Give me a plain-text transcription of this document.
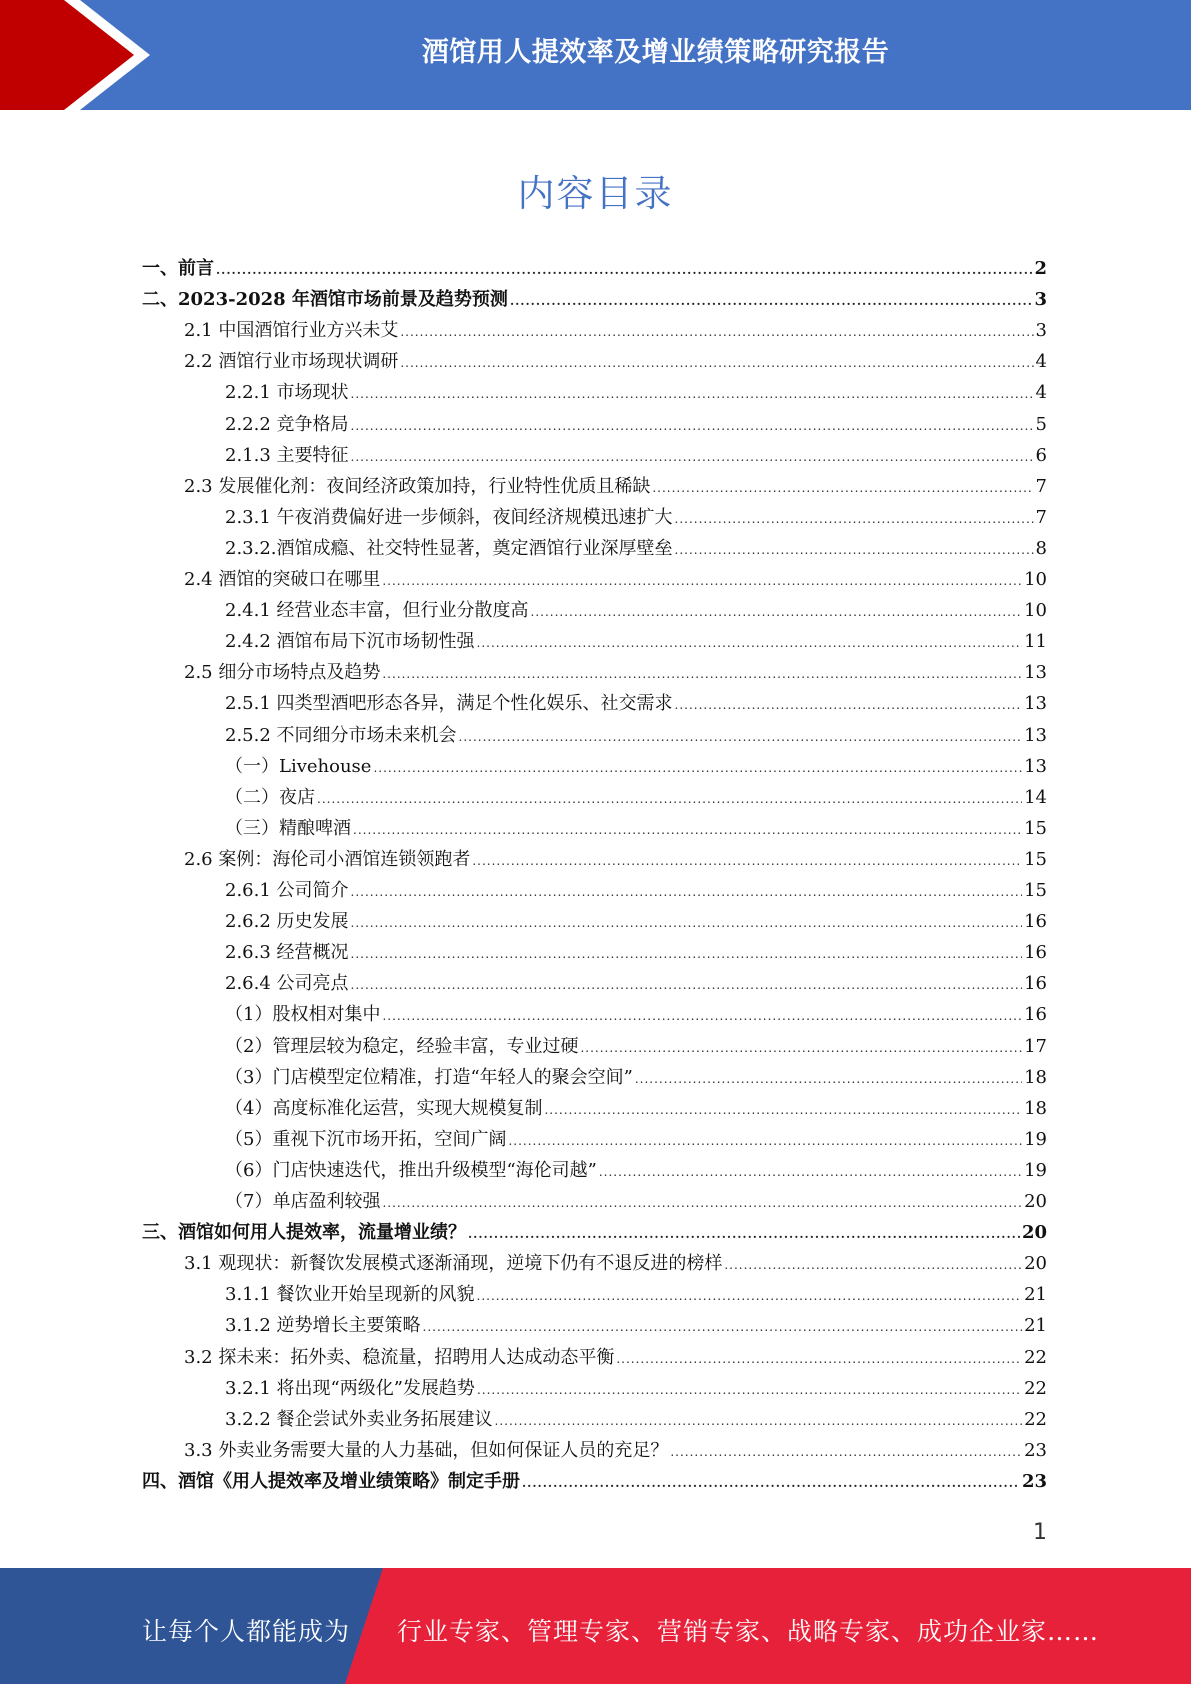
酒馆用人提效率及增业绩策略研究报告
内容目录
一、前言 .....	2
二、2023-2028 年酒馆市场前景及趋势预测 .....	3
2.1 中国酒馆行业方兴未艾 .....	3
2.2 酒馆行业市场现状调研 .....	4
2.2.1 市场现状 .....	4
2.2.2 竞争格局 .....	5
2.1.3 主要特征 .....	6
2.3 发展催化剂：夜间经济政策加持，行业特性优质且稀缺 .....	7
2.3.1 午夜消费偏好进一步倾斜，夜间经济规模迅速扩大 .....	7
2.3.2.酒馆成瘾、社交特性显著，奠定酒馆行业深厚壁垒 .....	8
2.4 酒馆的突破口在哪里 .....	10
2.4.1 经营业态丰富，但行业分散度高 .....	10
2.4.2 酒馆布局下沉市场韧性强 .....	11
2.5 细分市场特点及趋势 .....	13
2.5.1 四类型酒吧形态各异，满足个性化娱乐、社交需求 .....	13
2.5.2 不同细分市场未来机会 .....	13
（一）Livehouse .....	13
（二）夜店 .....	14
（三）精酿啤酒 .....	15
2.6 案例：海伦司小酒馆连锁领跑者 .....	15
2.6.1 公司简介 .....	15
2.6.2 历史发展 .....	16
2.6.3 经营概况 .....	16
2.6.4 公司亮点 .....	16
（1）股权相对集中 .....	16
（2）管理层较为稳定，经验丰富，专业过硬 .....	17
（3）门店模型定位精准，打造“年轻人的聚会空间” .....	18
（4）高度标准化运营，实现大规模复制 .....	18
（5）重视下沉市场开拓，空间广阔 .....	19
（6）门店快速迭代，推出升级模型“海伦司越” .....	19
（7）单店盈利较强 .....	20
三、酒馆如何用人提效率，流量增业绩？ .....	20
3.1 观现状：新餐饮发展模式逐渐涌现，逆境下仍有不退反进的榜样 .....	20
3.1.1 餐饮业开始呈现新的风貌 .....	21
3.1.2 逆势增长主要策略 .....	21
3.2 探未来：拓外卖、稳流量，招聘用人达成动态平衡 .....	22
3.2.1 将出现“两级化”发展趋势 .....	22
3.2.2 餐企尝试外卖业务拓展建议 .....	22
3.3 外卖业务需要大量的人力基础，但如何保证人员的充足？ .....	23
四、酒馆《用人提效率及增业绩策略》制定手册 .....	23
1
让每个人都能成为 行业专家、管理专家、营销专家、战略专家、成功企业家……
